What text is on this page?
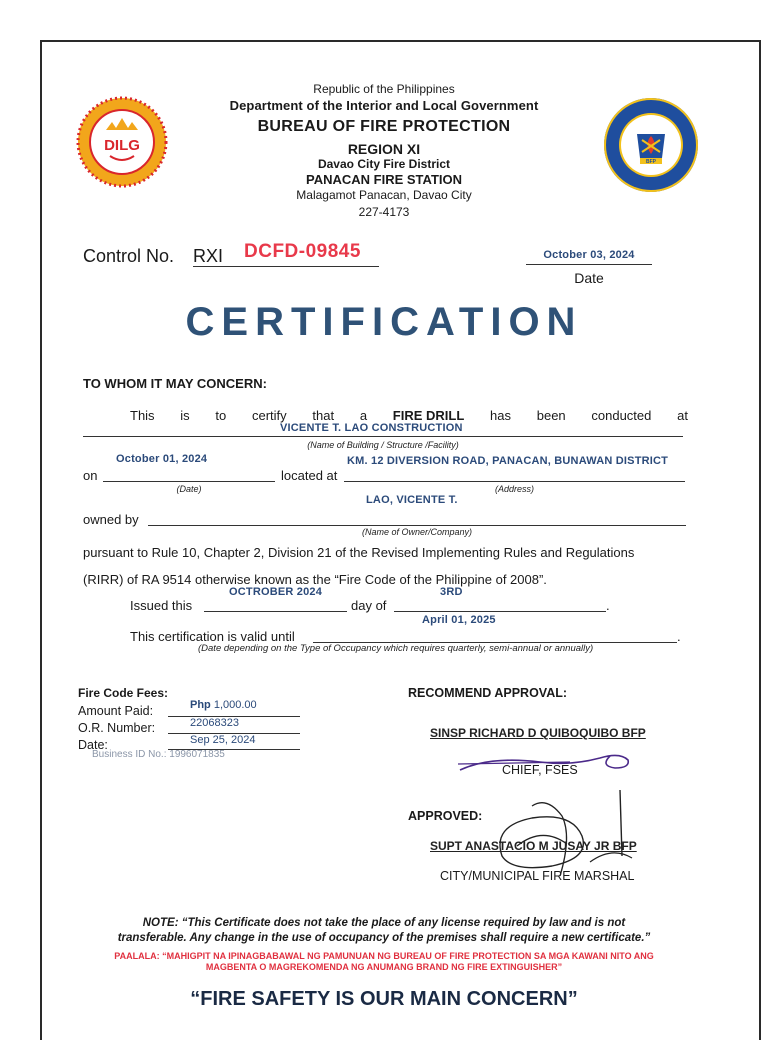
DILG
BFP
Republic of the Philippines
Department of the Interior and Local Government
BUREAU OF FIRE PROTECTION
REGION XI
Davao City Fire District
PANACAN FIRE STATION
Malagamot Panacan, Davao City
227-4173
Control No. RXI DCFD-09845	October 03, 2024
Date
CERTIFICATION
TO WHOM IT MAY CONCERN:
This is to certify that a FIRE DRILL has been conducted at
VICENTE T. LAO CONSTRUCTION
(Name of Building / Structure /Facility)
October 01, 2024
on
(Date)
located at
KM. 12 DIVERSION ROAD, PANACAN, BUNAWAN DISTRICT
(Address)
LAO, VICENTE T.
owned by
(Name of Owner/Company)
pursuant to Rule 10, Chapter 2, Division 21 of the Revised Implementing Rules and Regulations
(RIRR) of RA 9514 otherwise known as the “Fire Code of the Philippine of 2008”.
OCTROBER 2024	3RD
Issued this	day of	.
April 01, 2025
This certification is valid until	.
(Date depending on the Type of Occupancy which requires quarterly, semi-annual or annually)
Fire Code Fees:
Amount Paid:	Php 1,000.00
O.R. Number:	22068323
Date:	Sep 25, 2024
Business ID No.: 1996071835
RECOMMEND APPROVAL:
SINSP RICHARD D QUIBOQUIBO BFP
CHIEF, FSES
APPROVED:
SUPT ANASTACIO M JUSAY JR BFP
CITY/MUNICIPAL FIRE MARSHAL
NOTE: “This Certificate does not take the place of any license required by law and is not
transferable. Any change in the use of occupancy of the premises shall require a new certificate.”
PAALALA: “MAHIGPIT NA IPINAGBABAWAL NG PAMUNUAN NG BUREAU OF FIRE PROTECTION SA MGA KAWANI NITO ANG
MAGBENTA O MAGREKOMENDA NG ANUMANG BRAND NG FIRE EXTINGUISHER”
“FIRE SAFETY IS OUR MAIN CONCERN”
